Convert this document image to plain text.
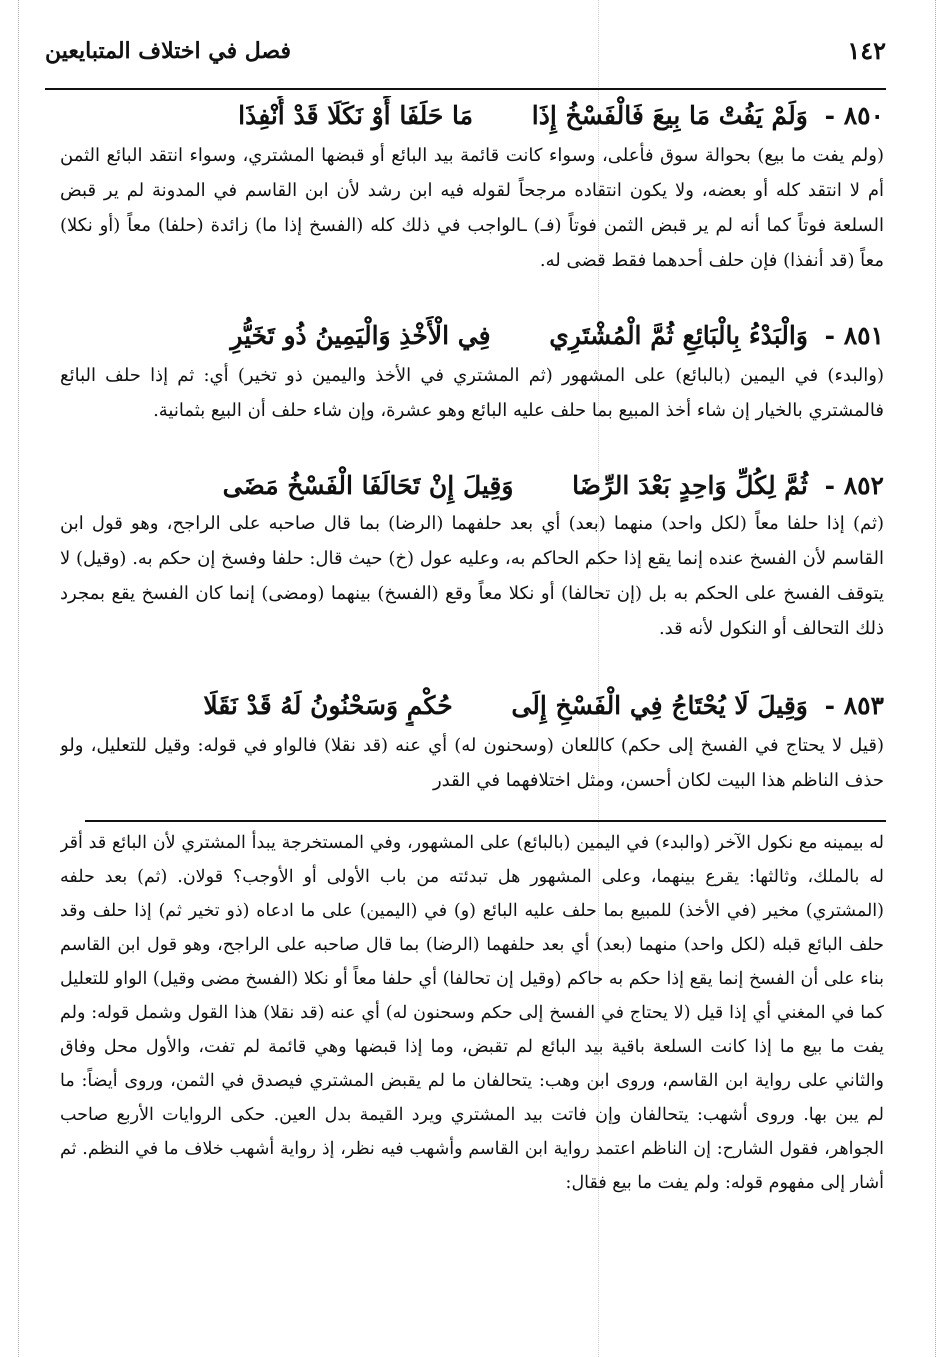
١٤٢
فصل في اختلاف المتبايعين
٨٥٠ - وَلَمْ يَفُتْ مَا بِيعَ فَالْفَسْخُ إِذَا مَا حَلَفَا أَوْ نَكَلَا قَدْ أُنْفِذَا

(ولم يفت ما بيع) بحوالة سوق فأعلى، وسواء كانت قائمة بيد البائع أو قبضها المشتري، وسواء انتقد البائع الثمن أم لا انتقد كله أو بعضه، ولا يكون انتقاده مرجحاً لقوله فيه ابن رشد لأن ابن القاسم في المدونة لم ير قبض السلعة فوتاً كما أنه لم ير قبض الثمن فوتاً (فـ) ـالواجب في ذلك كله (الفسخ إذا ما) زائدة (حلفا) معاً (أو نكلا) معاً (قد أنفذا) فإن حلف أحدهما فقط قضى له.

٨٥١ - وَالْبَدْءُ بِالْبَائِعِ ثُمَّ الْمُشْتَرِي فِي الْأَخْذِ وَالْيَمِينُ ذُو تَخَيُّرِ

(والبدء) في اليمين (بالبائع) على المشهور (ثم المشتري في الأخذ واليمين ذو تخير) أي: ثم إذا حلف البائع فالمشتري بالخيار إن شاء أخذ المبيع بما حلف عليه البائع وهو عشرة، وإن شاء حلف أن البيع بثمانية.

٨٥٢ - ثُمَّ لِكُلِّ وَاحِدٍ بَعْدَ الرِّضَا وَقِيلَ إِنْ تَحَالَفَا الْفَسْخُ مَضَى

(ثم) إذا حلفا معاً (لكل واحد) منهما (بعد) أي بعد حلفهما (الرضا) بما قال صاحبه على الراجح، وهو قول ابن القاسم لأن الفسخ عنده إنما يقع إذا حكم الحاكم به، وعليه عول (خ) حيث قال: حلفا وفسخ إن حكم به. (وقيل) لا يتوقف الفسخ على الحكم به بل (إن تحالفا) أو نكلا معاً وقع (الفسخ) بينهما (ومضى) إنما كان الفسخ يقع بمجرد ذلك التحالف أو النكول لأنه قد.

٨٥٣ - وَقِيلَ لَا يُحْتَاجُ فِي الْفَسْخِ إِلَى حُكْمٍ وَسَحْنُونُ لَهُ قَدْ نَقَلَا

(قيل لا يحتاج في الفسخ إلى حكم) كاللعان (وسحنون له) أي عنه (قد نقلا) فالواو في قوله: وقيل للتعليل، ولو حذف الناظم هذا البيت لكان أحسن، ومثل اختلافهما في القدر

له بيمينه مع نكول الآخر (والبدء) في اليمين (بالبائع) على المشهور، وفي المستخرجة يبدأ المشتري لأن البائع قد أقر له بالملك، وثالثها: يقرع بينهما، وعلى المشهور هل تبدئته من باب الأولى أو الأوجب؟ قولان. (ثم) بعد حلفه (المشتري) مخير (في الأخذ) للمبيع بما حلف عليه البائع (و) في (اليمين) على ما ادعاه (ذو تخير ثم) إذا حلف وقد حلف البائع قبله (لكل واحد) منهما (بعد) أي بعد حلفهما (الرضا) بما قال صاحبه على الراجح، وهو قول ابن القاسم بناء على أن الفسخ إنما يقع إذا حكم به حاكم (وقيل إن تحالفا) أي حلفا معاً أو نكلا (الفسخ مضى وقيل) الواو للتعليل كما في المغني أي إذا قيل (لا يحتاج في الفسخ إلى حكم وسحنون له) أي عنه (قد نقلا) هذا القول وشمل قوله: ولم يفت ما بيع ما إذا كانت السلعة باقية بيد البائع لم تقبض، وما إذا قبضها وهي قائمة لم تفت، والأول محل وفاق والثاني على رواية ابن القاسم، وروى ابن وهب: يتحالفان ما لم يقبض المشتري فيصدق في الثمن، وروى أيضاً: ما لم يبن بها. وروى أشهب: يتحالفان وإن فاتت بيد المشتري ويرد القيمة بدل العين. حكى الروايات الأربع صاحب الجواهر، فقول الشارح: إن الناظم اعتمد رواية ابن القاسم وأشهب فيه نظر، إذ رواية أشهب خلاف ما في النظم. ثم أشار إلى مفهوم قوله: ولم يفت ما بيع فقال:
